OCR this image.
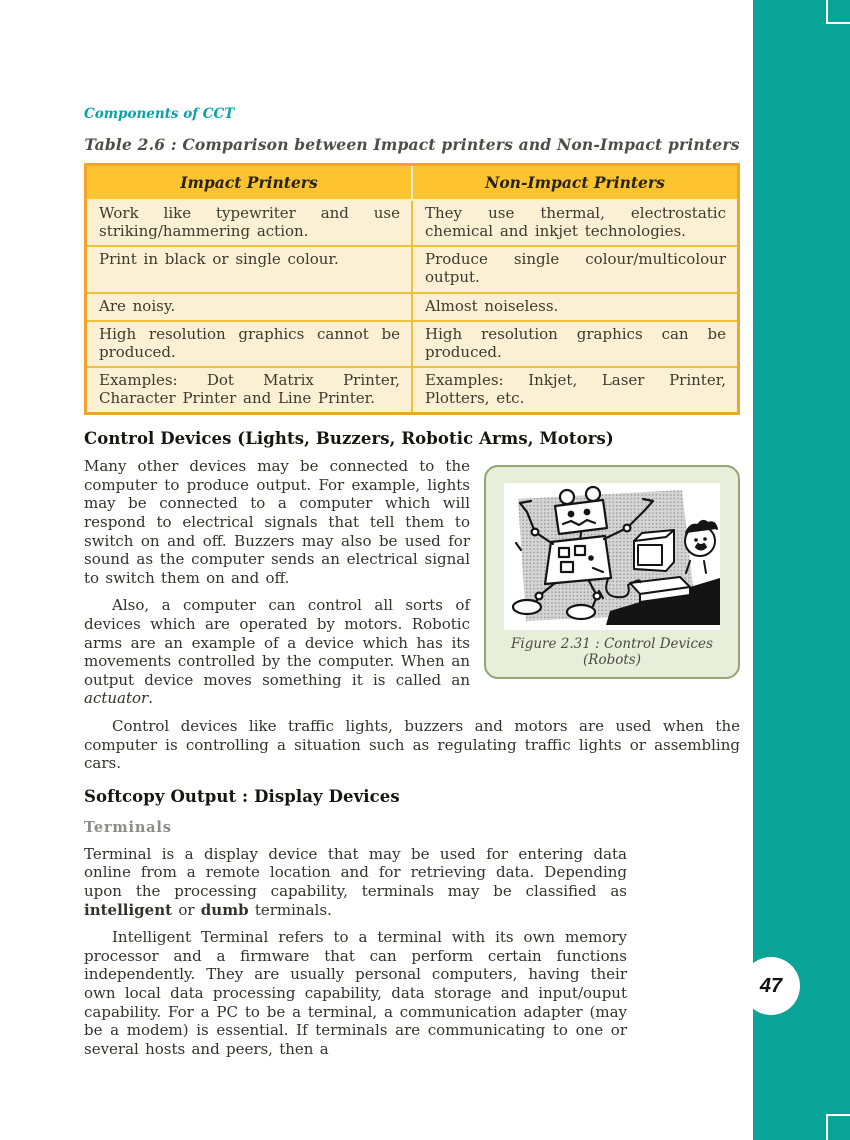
47
Components of CCT
Table 2.6 : Comparison between Impact printers and Non-Impact printers
Impact Printers	Non-Impact Printers
Work like typewriter and use striking/hammering action.	They use thermal, electrostatic chemical and inkjet technologies.
Print in black or single colour.	Produce single colour/multicolour output.
Are noisy.	Almost noiseless.
High resolution graphics cannot be produced.	High resolution graphics can be produced.
Examples: Dot Matrix Printer, Character Printer and Line Printer.	Examples: Inkjet, Laser Printer, Plotters, etc.
Control Devices (Lights, Buzzers, Robotic Arms, Motors)

Many other devices may be connected to the computer to produce output. For example, lights may be connected to a computer which will respond to electrical signals that tell them to switch on and off. Buzzers may also be used for sound as the computer sends an electrical signal to switch them on and off.

Also, a computer can control all sorts of devices which are operated by motors. Robotic arms are an example of a device which has its movements controlled by the computer. When an output device moves something it is called an actuator.

Figure 2.31 : Control Devices (Robots)

Control devices like traffic lights, buzzers and motors are used when the computer is controlling a situation such as regulating traffic lights or assembling cars.

Softcopy Output : Display Devices
Terminals

Terminal is a display device that may be used for entering data online from a remote location and for retrieving data. Depending upon the processing capability, terminals may be classified as intelligent or dumb terminals.

Intelligent Terminal refers to a terminal with its own memory processor and a firmware that can perform certain functions independently. They are usually personal computers, having their own local data processing capability, data storage and input/ouput capability. For a PC to be a terminal, a communication adapter (may be a modem) is essential. If terminals are communicating to one or several hosts and peers, then a
